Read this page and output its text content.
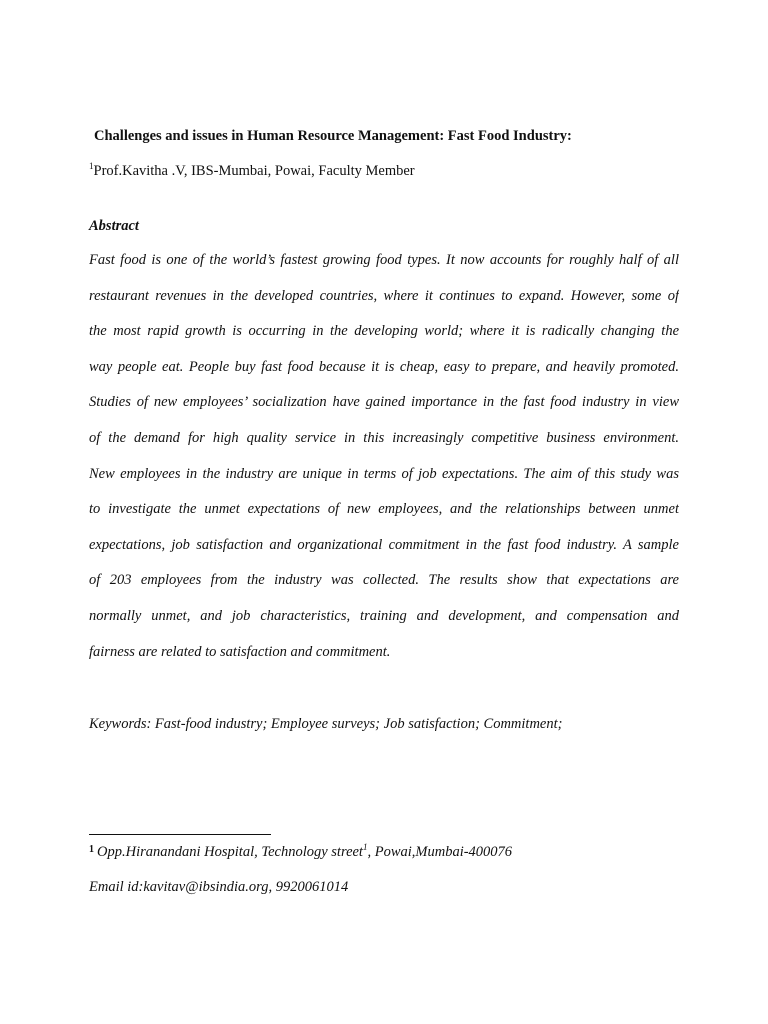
Challenges and issues in Human Resource Management: Fast Food Industry:
$^1$Prof.Kavitha .V, IBS-Mumbai, Powai, Faculty Member
Abstract
Fast food is one of the world’s fastest growing food types. It now accounts for roughly half of all
restaurant revenues in the developed countries, where it continues to expand. However, some of
the most rapid growth is occurring in the developing world; where it is radically changing the
way people eat. People buy fast food because it is cheap, easy to prepare, and heavily promoted.
Studies of new employees’ socialization have gained importance in the fast food industry in view
of the demand for high quality service in this increasingly competitive business environment.
New employees in the industry are unique in terms of job expectations. The aim of this study was
to investigate the unmet expectations of new employees, and the relationships between unmet
expectations, job satisfaction and organizational commitment in the fast food industry. A sample
of 203 employees from the industry was collected. The results show that expectations are
normally unmet, and job characteristics, training and development, and compensation and
fairness are related to satisfaction and commitment.
Keywords: Fast-food industry; Employee surveys; Job satisfaction; Commitment;
$^1$ Opp.Hiranandani Hospital, Technology street$^1$, Powai,Mumbai-400076
Email id:kavitav@ibsindia.org, 9920061014
